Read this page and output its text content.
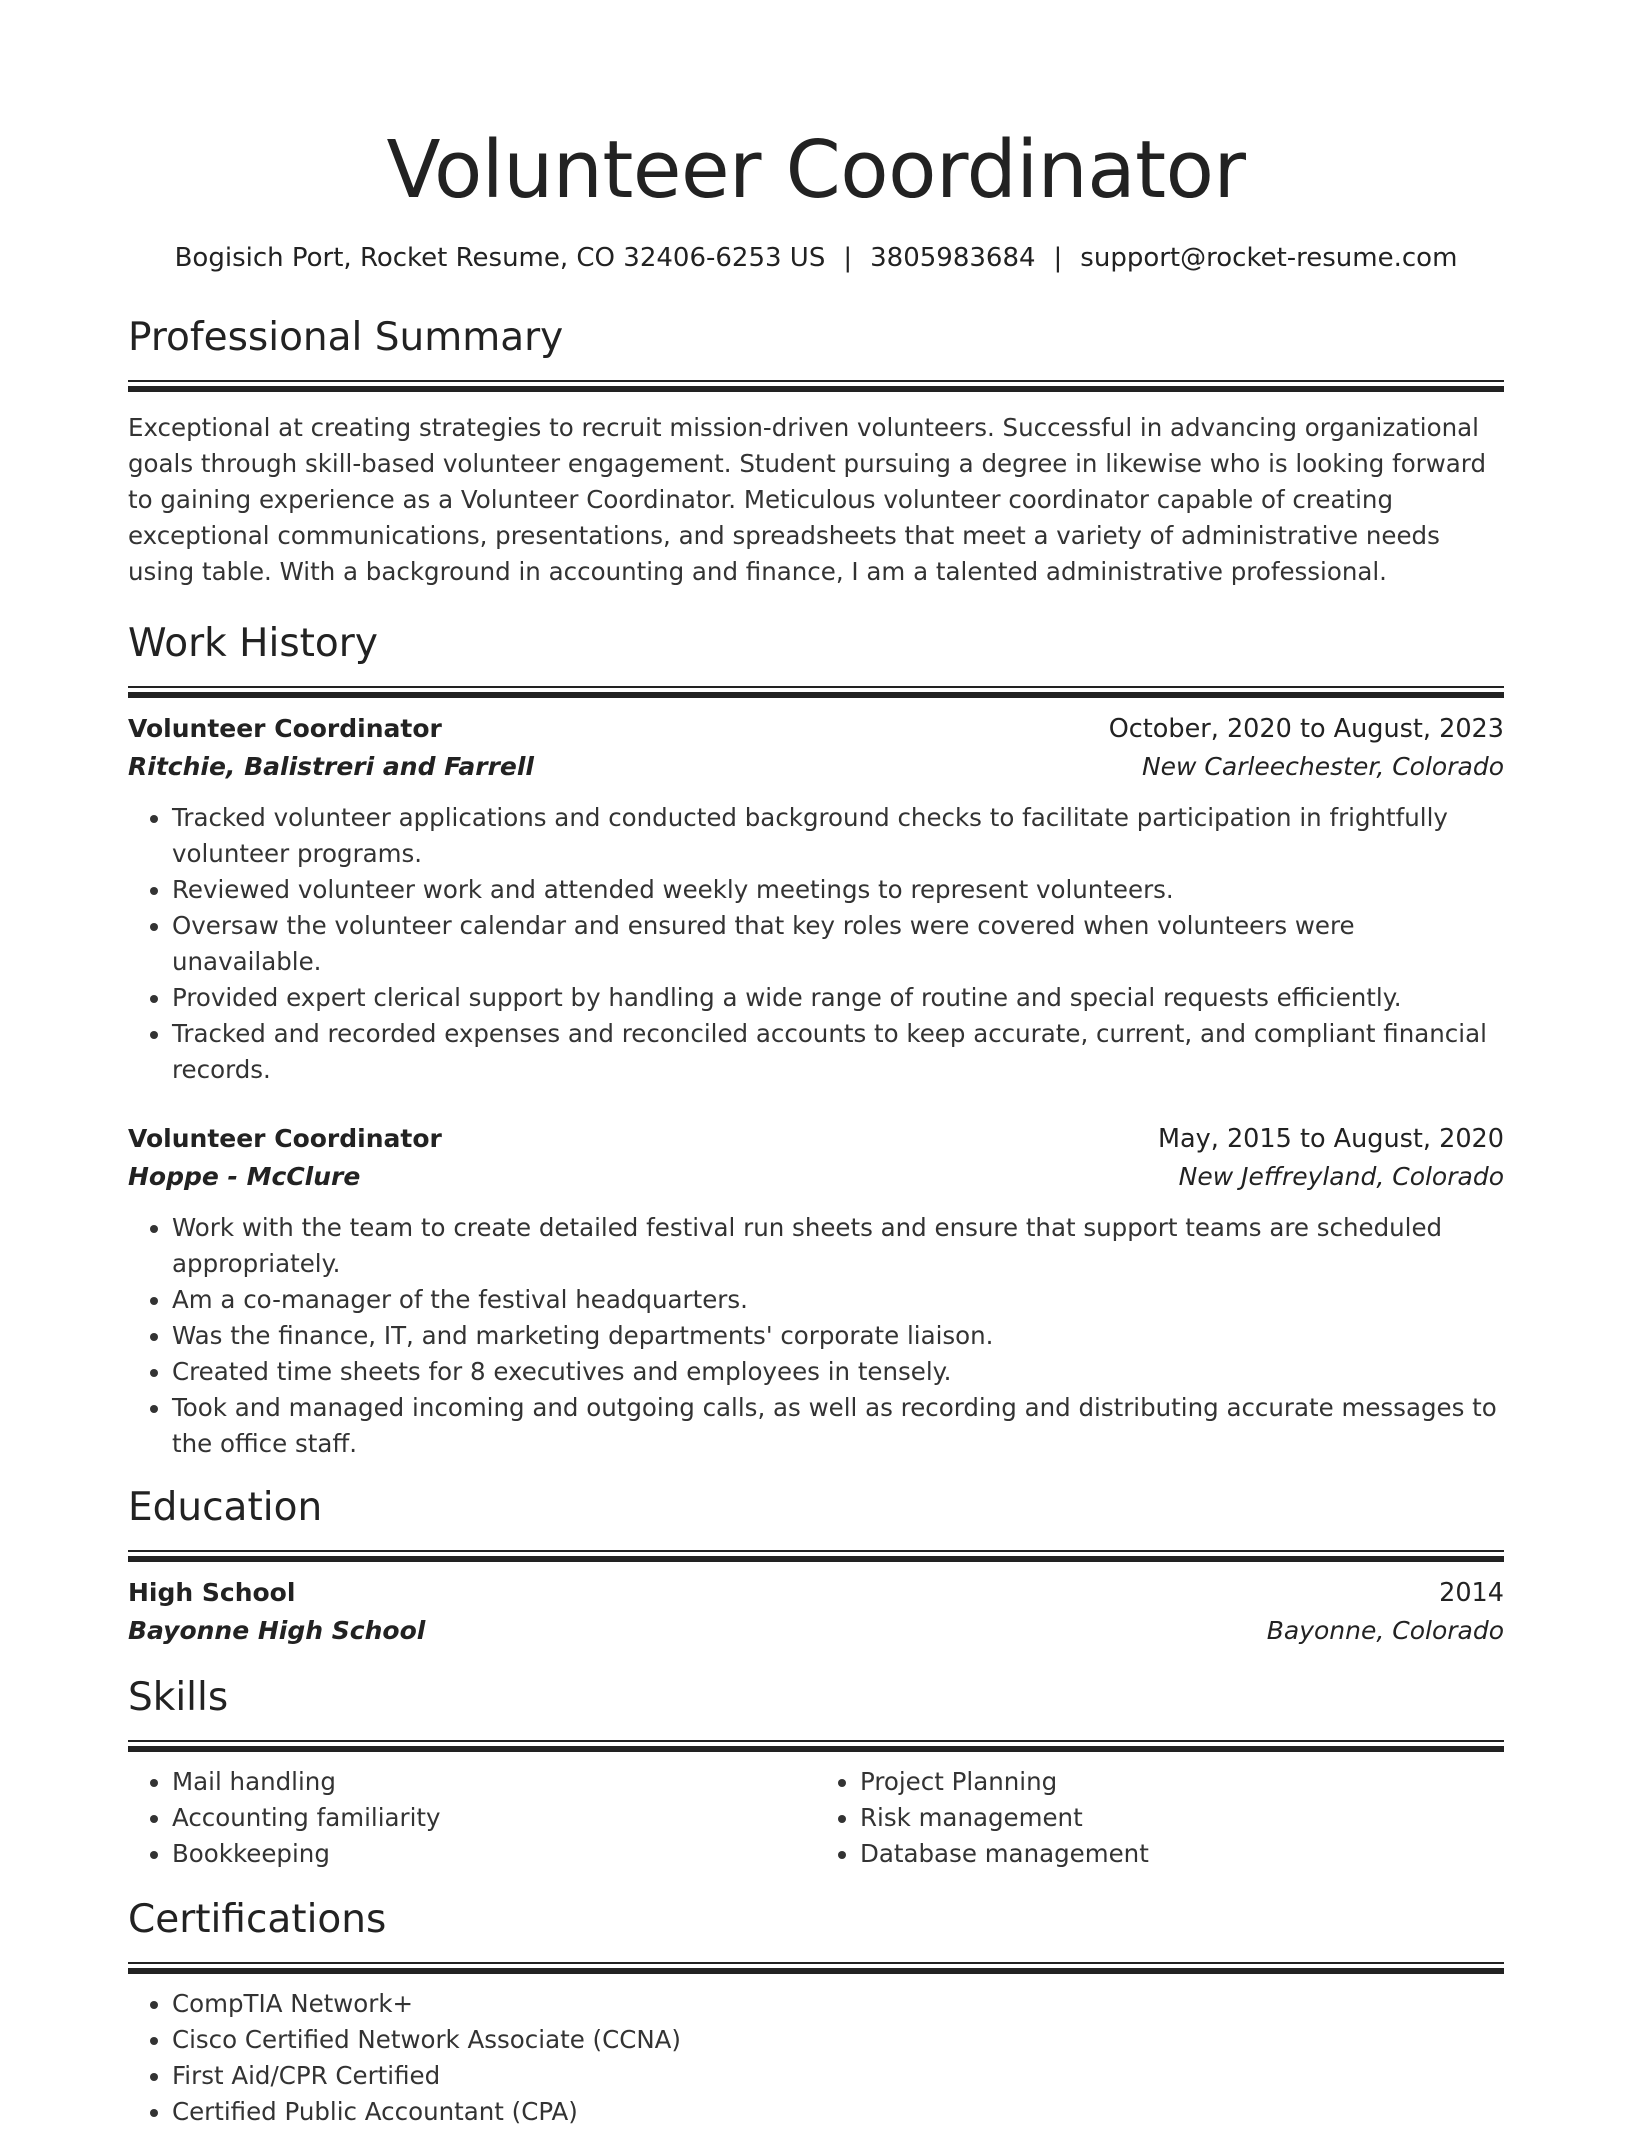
Volunteer Coordinator
Bogisich Port, Rocket Resume, CO 32406-6253 US | 3805983684 | support@rocket-resume.com
Professional Summary
Exceptional at creating strategies to recruit mission-driven volunteers. Successful in advancing organizational goals through skill-based volunteer engagement. Student pursuing a degree in likewise who is looking forward to gaining experience as a Volunteer Coordinator. Meticulous volunteer coordinator capable of creating exceptional communications, presentations, and spreadsheets that meet a variety of administrative needs using table. With a background in accounting and finance, I am a talented administrative professional.
Work History
Volunteer Coordinator	October, 2020 to August, 2023
Ritchie, Balistreri and Farrell	New Carleechester, Colorado
• Tracked volunteer applications and conducted background checks to facilitate participation in frightfully volunteer programs.
• Reviewed volunteer work and attended weekly meetings to represent volunteers.
• Oversaw the volunteer calendar and ensured that key roles were covered when volunteers were unavailable.
• Provided expert clerical support by handling a wide range of routine and special requests efficiently.
• Tracked and recorded expenses and reconciled accounts to keep accurate, current, and compliant financial records.
Volunteer Coordinator	May, 2015 to August, 2020
Hoppe - McClure	New Jeffreyland, Colorado
• Work with the team to create detailed festival run sheets and ensure that support teams are scheduled appropriately.
• Am a co-manager of the festival headquarters.
• Was the finance, IT, and marketing departments' corporate liaison.
• Created time sheets for 8 executives and employees in tensely.
• Took and managed incoming and outgoing calls, as well as recording and distributing accurate messages to the office staff.
Education
High School	2014
Bayonne High School	Bayonne, Colorado
Skills
• Mail handling
• Accounting familiarity
• Bookkeeping
• Project Planning
• Risk management
• Database management
Certifications
• CompTIA Network+
• Cisco Certified Network Associate (CCNA)
• First Aid/CPR Certified
• Certified Public Accountant (CPA)
